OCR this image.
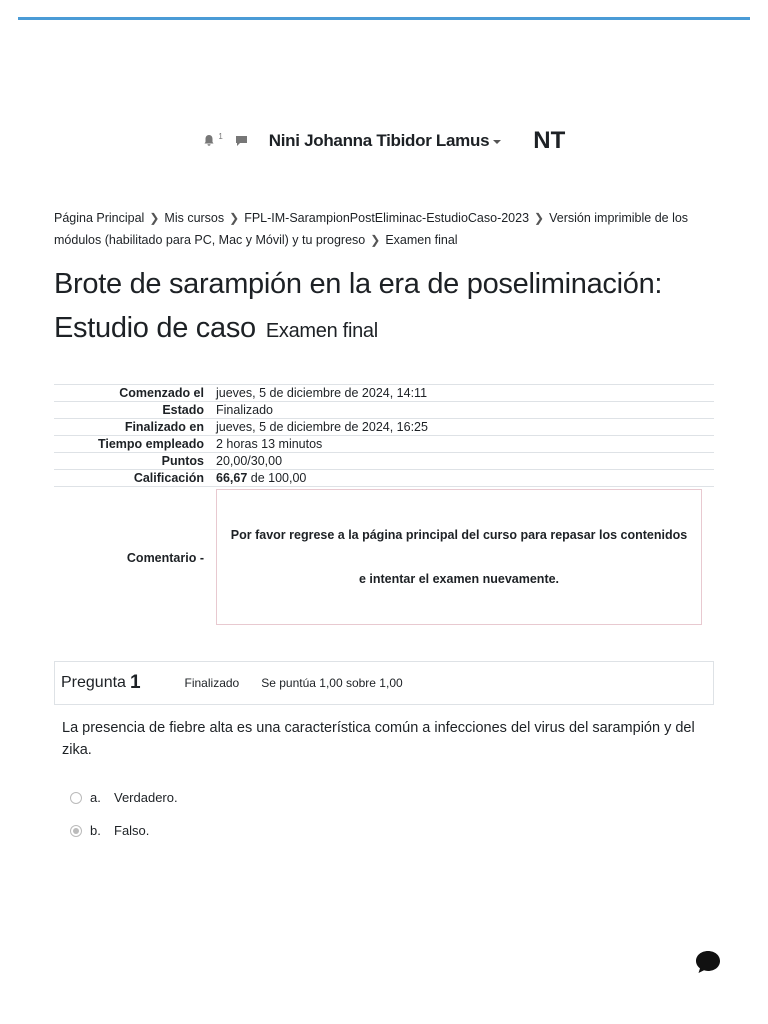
1	Nini Johanna Tibidor Lamus	NT
Página Principal ❯ Mis cursos ❯ FPL-IM-SarampionPostEliminac-EstudioCaso-2023 ❯ Versión imprimible de los módulos (habilitado para PC, Mac y Móvil) y tu progreso ❯ Examen final
Brote de sarampión en la era de poseliminación: Estudio de caso Examen final
Comenzado el	jueves, 5 de diciembre de 2024, 14:11
Estado	Finalizado
Finalizado en	jueves, 5 de diciembre de 2024, 16:25
Tiempo empleado	2 horas 13 minutos
Puntos	20,00/30,00
Calificación	66,67 de 100,00
Comentario -	Por favor regrese a la página principal del curso para repasar los contenidos
e intentar el examen nuevamente.
Pregunta 1	Finalizado Se puntúa 1,00 sobre 1,00
La presencia de fiebre alta es una característica común a infecciones del virus del sarampión y del zika.
a.	Verdadero.
b.	Falso.
